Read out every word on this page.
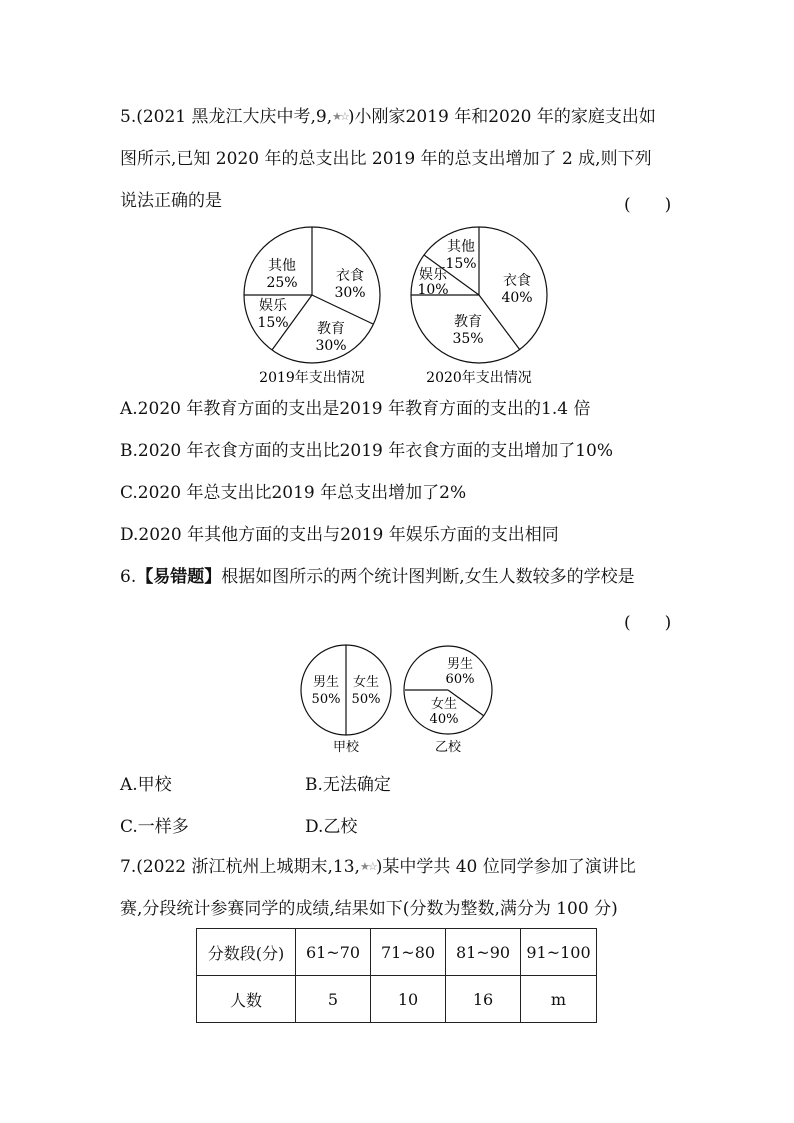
5.(2021 黑龙江大庆中考,9,★☆)小刚家2019 年和2020 年的家庭支出如
图所示,已知 2020 年的总支出比 2019 年的总支出增加了 2 成,则下列
说法正确的是	(　　)
其他
25%	衣食
30%
娱乐
15% 教育
30%
2019年支出情况
其他
15%
衣食
40%
娱乐
10%
教育
35%
2020年支出情况
A.2020 年教育方面的支出是2019 年教育方面的支出的1.4 倍
B.2020 年衣食方面的支出比2019 年衣食方面的支出增加了10%
C.2020 年总支出比2019 年总支出增加了2%
D.2020 年其他方面的支出与2019 年娱乐方面的支出相同
6.【易错题】根据如图所示的两个统计图判断,女生人数较多的学校是
(　　)
男生
50%
女生
50%
甲校
男生
60%
女生
40%
乙校
A.甲校	B.无法确定
C.一样多	D.乙校
7.(2022 浙江杭州上城期末,13,★☆)某中学共 40 位同学参加了演讲比
赛,分段统计参赛同学的成绩,结果如下(分数为整数,满分为 100 分)
分数段(分)	61~70	71~80	81~90	91~100
人数	5	10	16	m
